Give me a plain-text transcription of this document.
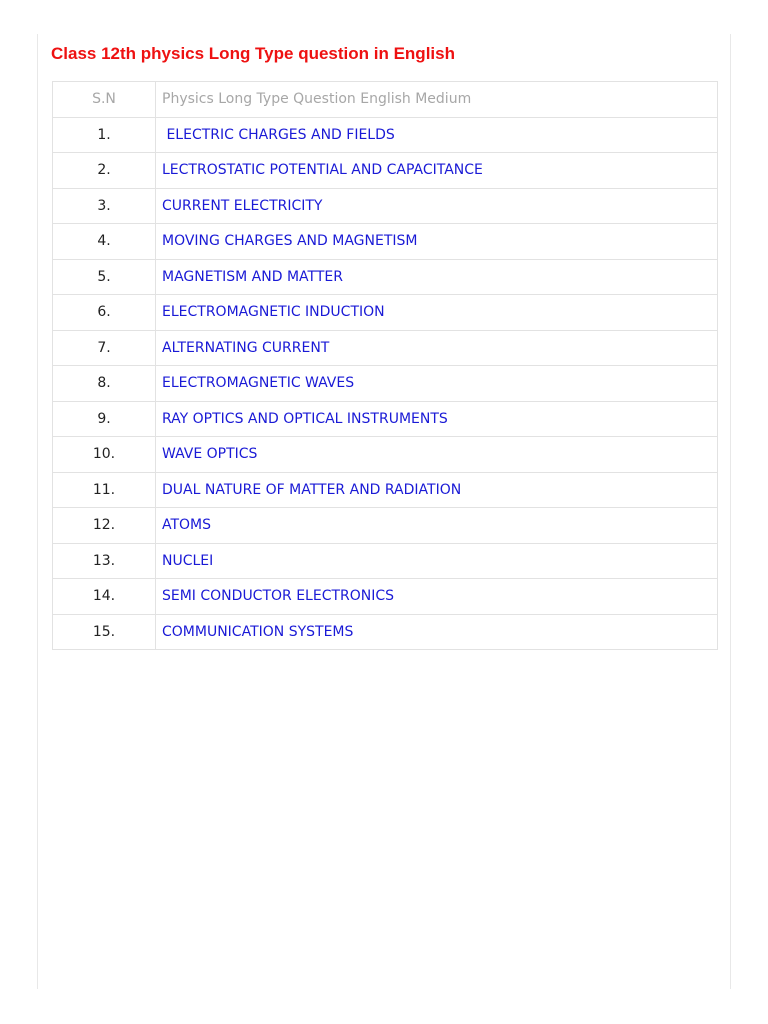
Class 12th physics Long Type question in English
S.N	Physics Long Type Question English Medium
1.	ELECTRIC CHARGES AND FIELDS
2.	LECTROSTATIC POTENTIAL AND CAPACITANCE
3.	CURRENT ELECTRICITY
4.	MOVING CHARGES AND MAGNETISM
5.	MAGNETISM AND MATTER
6.	ELECTROMAGNETIC INDUCTION
7.	ALTERNATING CURRENT
8.	ELECTROMAGNETIC WAVES
9.	RAY OPTICS AND OPTICAL INSTRUMENTS
10.	WAVE OPTICS
11.	DUAL NATURE OF MATTER AND RADIATION
12.	ATOMS
13.	NUCLEI
14.	SEMI CONDUCTOR ELECTRONICS
15.	COMMUNICATION SYSTEMS
